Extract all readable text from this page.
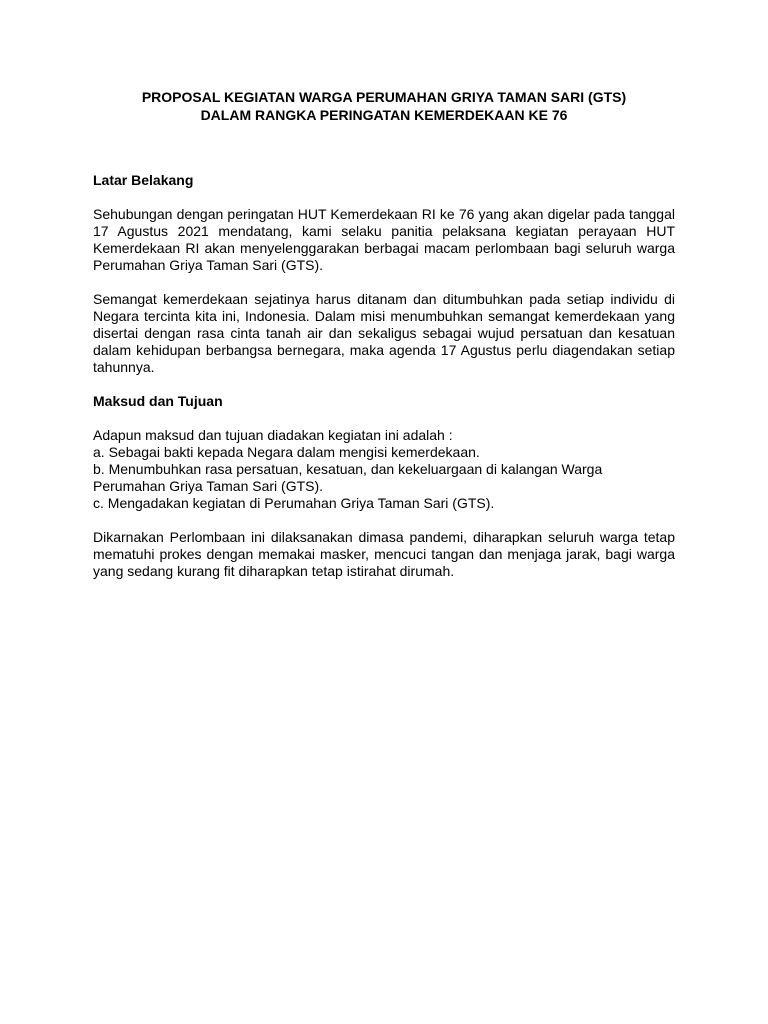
PROPOSAL KEGIATAN WARGA PERUMAHAN GRIYA TAMAN SARI (GTS)
DALAM RANGKA PERINGATAN KEMERDEKAAN KE 76

Latar Belakang

Sehubungan dengan peringatan HUT Kemerdekaan RI ke 76 yang akan digelar pada tanggal 17 Agustus 2021 mendatang, kami selaku panitia pelaksana kegiatan perayaan HUT Kemerdekaan RI akan menyelenggarakan berbagai macam perlombaan bagi seluruh warga Perumahan Griya Taman Sari (GTS).

Semangat kemerdekaan sejatinya harus ditanam dan ditumbuhkan pada setiap individu di Negara tercinta kita ini, Indonesia. Dalam misi menumbuhkan semangat kemerdekaan yang disertai dengan rasa cinta tanah air dan sekaligus sebagai wujud persatuan dan kesatuan dalam kehidupan berbangsa bernegara, maka agenda 17 Agustus perlu diagendakan setiap tahunnya.

Maksud dan Tujuan

Adapun maksud dan tujuan diadakan kegiatan ini adalah :

a. Sebagai bakti kepada Negara dalam mengisi kemerdekaan.

b. Menumbuhkan rasa persatuan, kesatuan, dan kekeluargaan di kalangan Warga

Perumahan Griya Taman Sari (GTS).

c. Mengadakan kegiatan di Perumahan Griya Taman Sari (GTS).

Dikarnakan Perlombaan ini dilaksanakan dimasa pandemi, diharapkan seluruh warga tetap mematuhi prokes dengan memakai masker, mencuci tangan dan menjaga jarak, bagi warga yang sedang kurang fit diharapkan tetap istirahat dirumah.
